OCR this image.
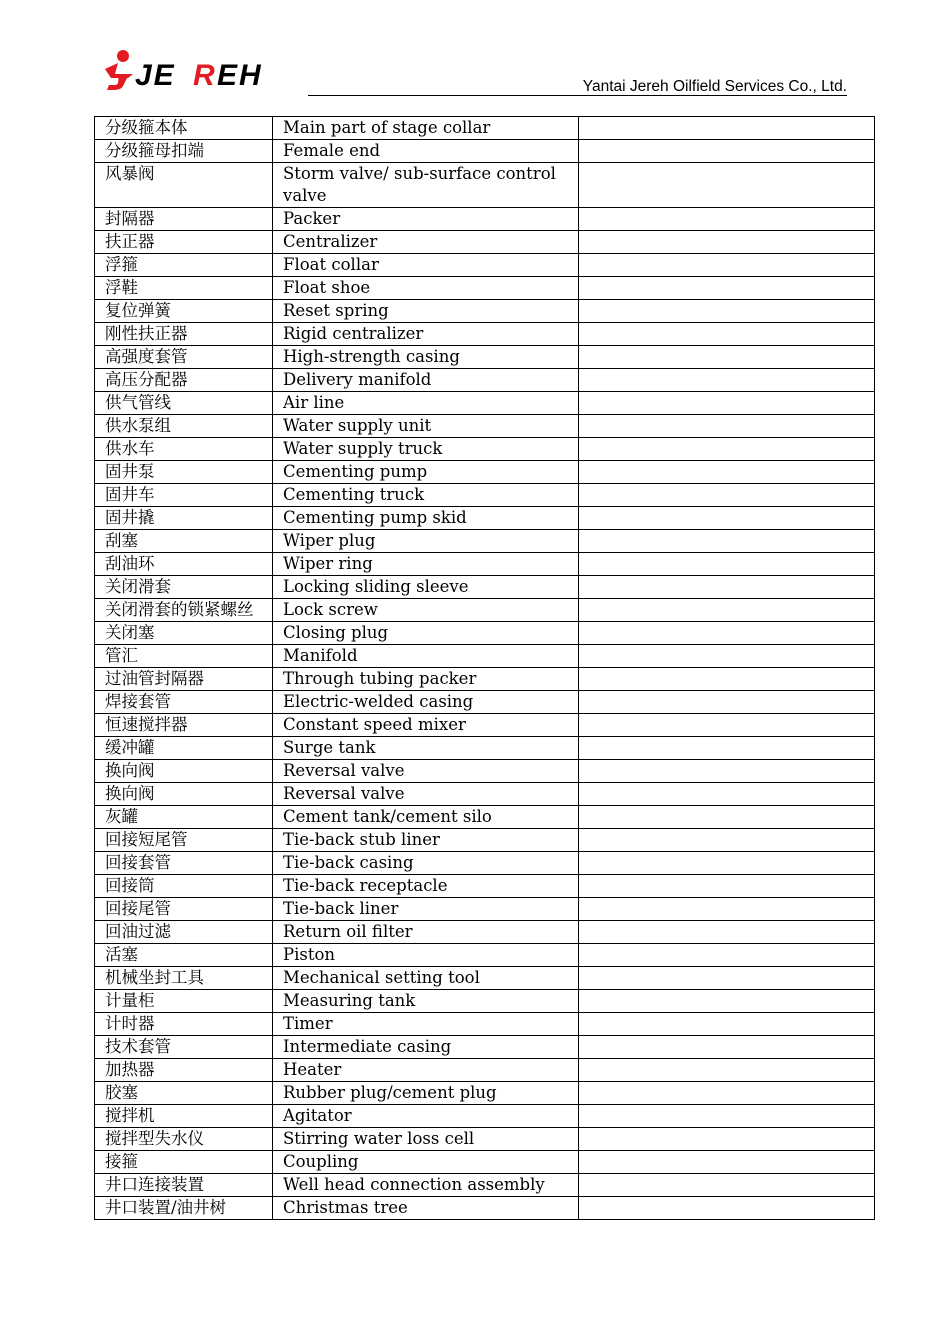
JE R EH	Yantai Jereh Oilfield Services Co., Ltd.
分级箍本体	Main part of stage collar	
分级箍母扣端	Female end	
风暴阀	Storm valve/ sub-surface control valve	
封隔器	Packer	
扶正器	Centralizer	
浮箍	Float collar	
浮鞋	Float shoe	
复位弹簧	Reset spring	
刚性扶正器	Rigid centralizer	
高强度套管	High-strength casing	
高压分配器	Delivery manifold	
供气管线	Air line	
供水泵组	Water supply unit	
供水车	Water supply truck	
固井泵	Cementing pump	
固井车	Cementing truck	
固井撬	Cementing pump skid	
刮塞	Wiper plug	
刮油环	Wiper ring	
关闭滑套	Locking sliding sleeve	
关闭滑套的锁紧螺丝	Lock screw	
关闭塞	Closing plug	
管汇	Manifold	
过油管封隔器	Through tubing packer	
焊接套管	Electric-welded casing	
恒速搅拌器	Constant speed mixer	
缓冲罐	Surge tank	
换向阀	Reversal valve	
换向阀	Reversal valve	
灰罐	Cement tank/cement silo	
回接短尾管	Tie-back stub liner	
回接套管	Tie-back casing	
回接筒	Tie-back receptacle	
回接尾管	Tie-back liner	
回油过滤	Return oil filter	
活塞	Piston	
机械坐封工具	Mechanical setting tool	
计量柜	Measuring tank	
计时器	Timer	
技术套管	Intermediate casing	
加热器	Heater	
胶塞	Rubber plug/cement plug	
搅拌机	Agitator	
搅拌型失水仪	Stirring water loss cell	
接箍	Coupling	
井口连接装置	Well head connection assembly	
井口装置/油井树	Christmas tree	
